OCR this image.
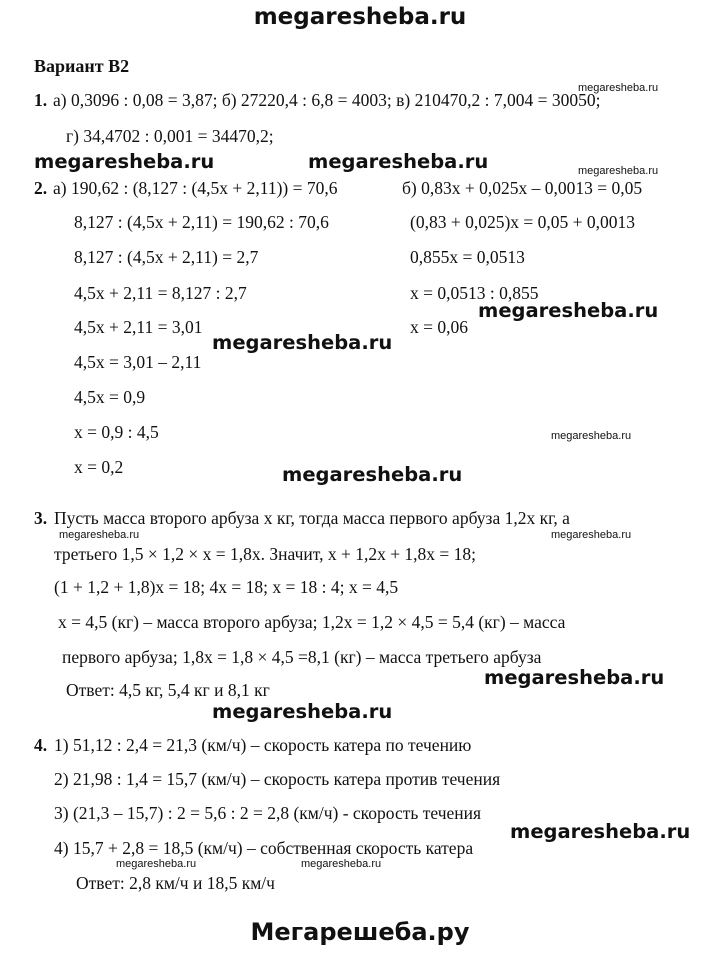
megaresheba.ru
Вариант В2
1. а) 0,3096 : 0,08 = 3,87; б) 27220,4 : 6,8 = 4003; в) 210470,2 : 7,004 = 30050;
г) 34,4702 : 0,001 = 34470,2;
2. а) 190,62 : (8,127 : (4,5x + 2,11)) = 70,6
8,127 : (4,5x + 2,11) = 190,62 : 70,6
8,127 : (4,5x + 2,11) = 2,7
4,5x + 2,11 = 8,127 : 2,7
4,5x + 2,11 = 3,01
4,5x = 3,01 – 2,11
4,5x = 0,9
x = 0,9 : 4,5
x = 0,2
б) 0,83x + 0,025x – 0,0013 = 0,05
(0,83 + 0,025)x = 0,05 + 0,0013
0,855x = 0,0513
x = 0,0513 : 0,855
x = 0,06
3. Пусть масса второго арбуза x кг, тогда масса первого арбуза 1,2x кг, а
третьего 1,5 × 1,2 × x = 1,8x. Значит, x + 1,2x + 1,8x = 18;
(1 + 1,2 + 1,8)x = 18; 4x = 18; x = 18 : 4; x = 4,5
x = 4,5 (кг) – масса второго арбуза; 1,2x = 1,2 × 4,5 = 5,4 (кг) – масса
первого арбуза; 1,8x = 1,8 × 4,5 =8,1 (кг) – масса третьего арбуза
Ответ: 4,5 кг, 5,4 кг и 8,1 кг
4. 1) 51,12 : 2,4 = 21,3 (км/ч) – скорость катера по течению
2) 21,98 : 1,4 = 15,7 (км/ч) – скорость катера против течения
3) (21,3 – 15,7) : 2 = 5,6 : 2 = 2,8 (км/ч) - скорость течения
4) 15,7 + 2,8 = 18,5 (км/ч) – собственная скорость катера
Ответ: 2,8 км/ч и 18,5 км/ч
megaresheba.ru	megaresheba.ru
megaresheba.ru
megaresheba.ru
megaresheba.ru
megaresheba.ru
megaresheba.ru
megaresheba.ru
megaresheba.ru
megaresheba.ru
megaresheba.ru
megaresheba.ru	megaresheba.ru
megaresheba.ru	megaresheba.ru
Мегарешеба.ру
